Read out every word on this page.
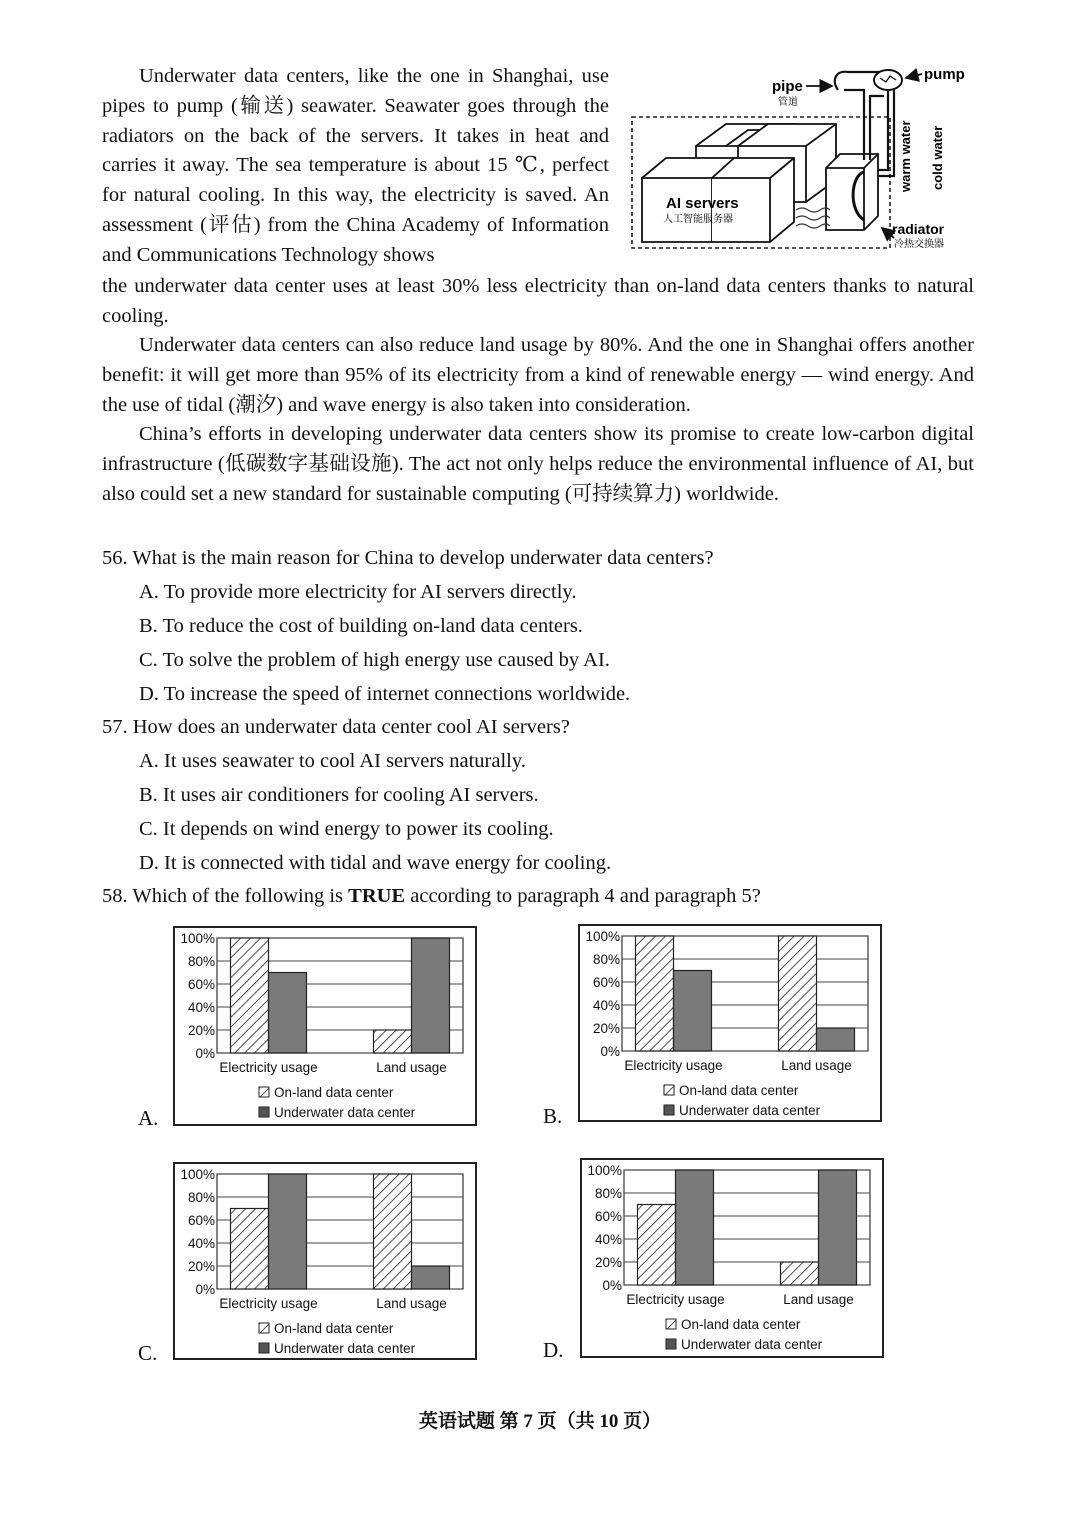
Underwater data centers, like the one in Shanghai, use pipes to pump (输送) seawater. Seawater goes through the radiators on the back of the servers. It takes in heat and carries it away. The sea temperature is about 15 ℃, perfect for natural cooling. In this way, the electricity is saved. An assessment (评估) from the China Academy of Information and Communications Technology shows

pipe
管道
pump
warm water cold water
AI servers
人工智能服务器
radiator
冷热交换器

the underwater data center uses at least 30% less electricity than on-land data centers thanks to natural cooling.

Underwater data centers can also reduce land usage by 80%. And the one in Shanghai offers another benefit: it will get more than 95% of its electricity from a kind of renewable energy — wind energy. And the use of tidal (潮汐) and wave energy is also taken into consideration.

China’s efforts in developing underwater data centers show its promise to create low-carbon digital infrastructure (低碳数字基础设施). The act not only helps reduce the environmental influence of AI, but also could set a new standard for sustainable computing (可持续算力) worldwide.

56. What is the main reason for China to develop underwater data centers?

A. To provide more electricity for AI servers directly.

B. To reduce the cost of building on-land data centers.

C. To solve the problem of high energy use caused by AI.

D. To increase the speed of internet connections worldwide.

57. How does an underwater data center cool AI servers?

A. It uses seawater to cool AI servers naturally.

B. It uses air conditioners for cooling AI servers.

C. It depends on wind energy to power its cooling.

D. It is connected with tidal and wave energy for cooling.

58. Which of the following is TRUE according to paragraph 4 and paragraph 5?

A.
100%
80%
60%
40%
20%
0%
Electricity usage	Land usage
On-land data center
Underwater data center	B.
100%
80%
60%
40%
20%
0%
Electricity usage	Land usage
On-land data center
Underwater data center
C.
100%
80%
60%
40%
20%
0%
Electricity usage	Land usage
On-land data center
Underwater data center	D.
100%
80%
60%
40%
20%
0%
Electricity usage	Land usage
On-land data center
Underwater data center
英语试题 第 7 页（共 10 页）
